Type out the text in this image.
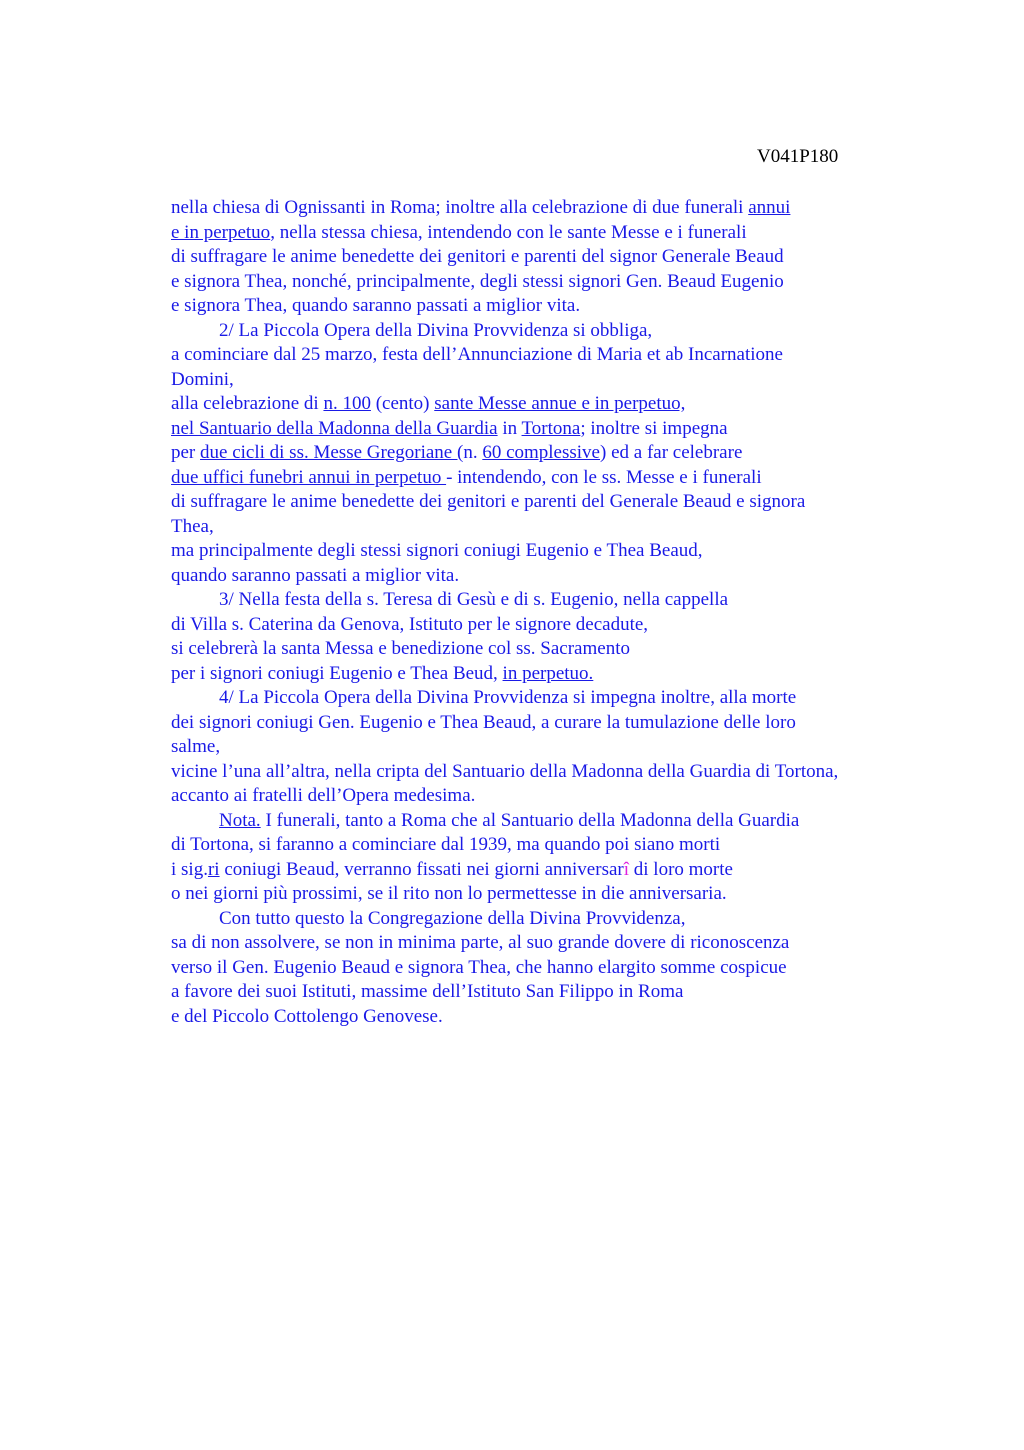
V041P180
nella chiesa di Ognissanti in Roma; inoltre alla celebrazione di due funerali annui
e in perpetuo, nella stessa chiesa, intendendo con le sante Messe e i funerali
di suffragare le anime benedette dei genitori e parenti del signor Generale Beaud
e signora Thea, nonché, principalmente, degli stessi signori Gen. Beaud Eugenio
e signora Thea, quando saranno passati a miglior vita.
2/ La Piccola Opera della Divina Provvidenza si obbliga,
a cominciare dal 25 marzo, festa dell’Annunciazione di Maria et ab Incarnatione
Domini,
alla celebrazione di n. 100 (cento) sante Messe annue e in perpetuo,
nel Santuario della Madonna della Guardia in Tortona; inoltre si impegna
per due cicli di ss. Messe Gregoriane (n. 60 complessive) ed a far celebrare
due uffici funebri annui in perpetuo - intendendo, con le ss. Messe e i funerali
di suffragare le anime benedette dei genitori e parenti del Generale Beaud e signora
Thea,
ma principalmente degli stessi signori coniugi Eugenio e Thea Beaud,
quando saranno passati a miglior vita.
3/ Nella festa della s. Teresa di Gesù e di s. Eugenio, nella cappella
di Villa s. Caterina da Genova, Istituto per le signore decadute,
si celebrerà la santa Messa e benedizione col ss. Sacramento
per i signori coniugi Eugenio e Thea Beud, in perpetuo.
4/ La Piccola Opera della Divina Provvidenza si impegna inoltre, alla morte
dei signori coniugi Gen. Eugenio e Thea Beaud, a curare la tumulazione delle loro
salme,
vicine l’una all’altra, nella cripta del Santuario della Madonna della Guardia di Tortona,
accanto ai fratelli dell’Opera medesima.
Nota. I funerali, tanto a Roma che al Santuario della Madonna della Guardia
di Tortona, si faranno a cominciare dal 1939, ma quando poi siano morti
i sig.ri coniugi Beaud, verranno fissati nei giorni anniversarî di loro morte
o nei giorni più prossimi, se il rito non lo permettesse in die anniversaria.
Con tutto questo la Congregazione della Divina Provvidenza,
sa di non assolvere, se non in minima parte, al suo grande dovere di riconoscenza
verso il Gen. Eugenio Beaud e signora Thea, che hanno elargito somme cospicue
a favore dei suoi Istituti, massime dell’Istituto San Filippo in Roma
e del Piccolo Cottolengo Genovese.
